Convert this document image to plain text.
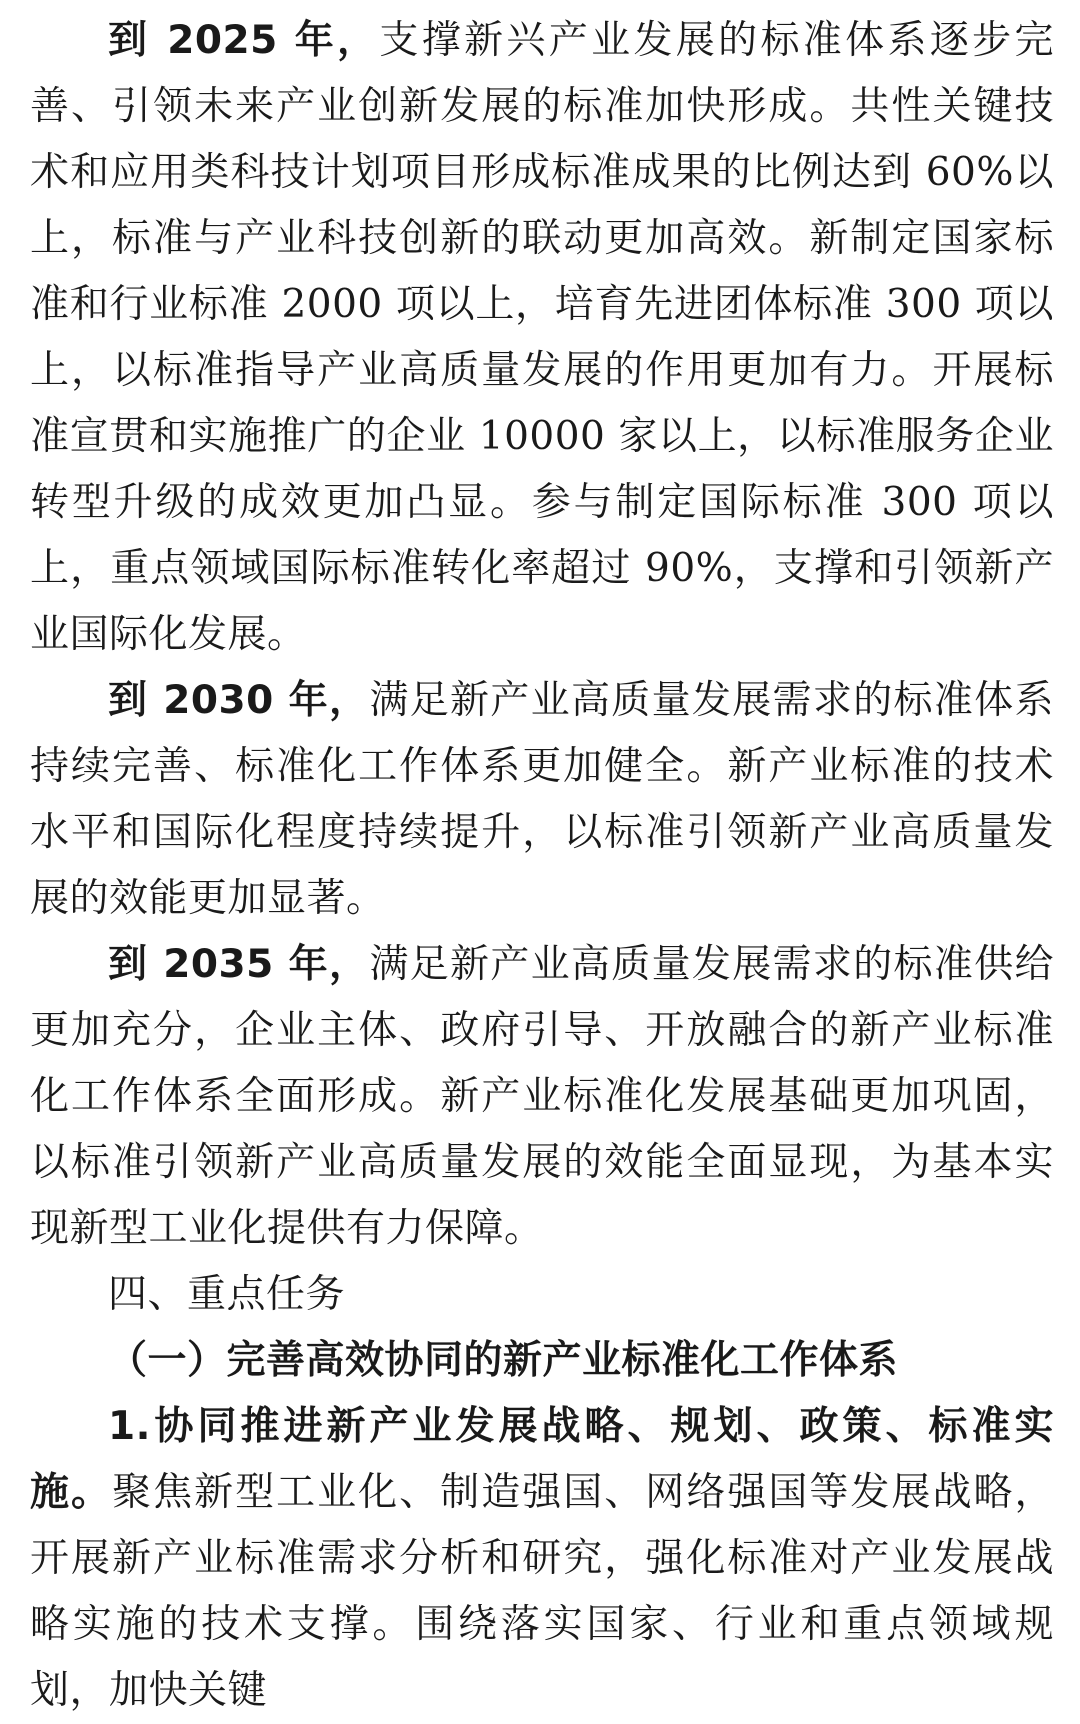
到 2025 年，支撑新兴产业发展的标准体系逐步完善、引领未来产业创新发展的标准加快形成。共性关键技术和应用类科技计划项目形成标准成果的比例达到 60%以上，标准与产业科技创新的联动更加高效。新制定国家标准和行业标准 2000 项以上，培育先进团体标准 300 项以上，以标准指导产业高质量发展的作用更加有力。开展标准宣贯和实施推广的企业 10000 家以上，以标准服务企业转型升级的成效更加凸显。参与制定国际标准 300 项以上，重点领域国际标准转化率超过 90%，支撑和引领新产业国际化发展。

到 2030 年，满足新产业高质量发展需求的标准体系持续完善、标准化工作体系更加健全。新产业标准的技术水平和国际化程度持续提升，以标准引领新产业高质量发展的效能更加显著。

到 2035 年，满足新产业高质量发展需求的标准供给更加充分，企业主体、政府引导、开放融合的新产业标准化工作体系全面形成。新产业标准化发展基础更加巩固，以标准引领新产业高质量发展的效能全面显现，为基本实现新型工业化提供有力保障。

四、重点任务

（一）完善高效协同的新产业标准化工作体系

1.协同推进新产业发展战略、规划、政策、标准实施。聚焦新型工业化、制造强国、网络强国等发展战略，开展新产业标准需求分析和研究，强化标准对产业发展战略实施的技术支撑。围绕落实国家、行业和重点领域规划，加快关键
